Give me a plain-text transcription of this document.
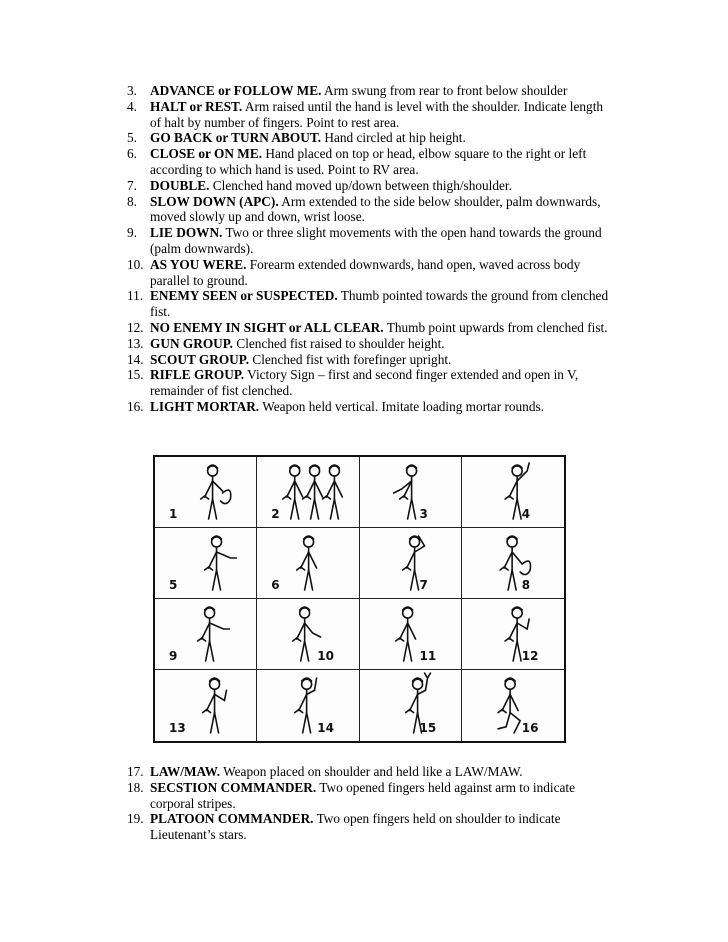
3. ADVANCE or FOLLOW ME. Arm swung from rear to front below shoulder
4. HALT or REST. Arm raised until the hand is level with the shoulder. Indicate length of halt by number of fingers. Point to rest area.
5. GO BACK or TURN ABOUT. Hand circled at hip height.
6. CLOSE or ON ME. Hand placed on top or head, elbow square to the right or left according to which hand is used. Point to RV area.
7. DOUBLE. Clenched hand moved up/down between thigh/shoulder.
8. SLOW DOWN (APC). Arm extended to the side below shoulder, palm downwards, moved slowly up and down, wrist loose.
9. LIE DOWN. Two or three slight movements with the open hand towards the ground (palm downwards).
10. AS YOU WERE. Forearm extended downwards, hand open, waved across body parallel to ground.
11. ENEMY SEEN or SUSPECTED. Thumb pointed towards the ground from clenched fist.
12. NO ENEMY IN SIGHT or ALL CLEAR. Thumb point upwards from clenched fist.
13. GUN GROUP. Clenched fist raised to shoulder height.
14. SCOUT GROUP. Clenched fist with forefinger upright.
15. RIFLE GROUP. Victory Sign – first and second finger extended and open in V, remainder of fist clenched.
16. LIGHT MORTAR. Weapon held vertical. Imitate loading mortar rounds.
1	2	3	4
5	6	7	8
9	10	11	12
13	14	15	16
17. LAW/MAW. Weapon placed on shoulder and held like a LAW/MAW.
18. SECSTION COMMANDER. Two opened fingers held against arm to indicate corporal stripes.
19. PLATOON COMMANDER. Two open fingers held on shoulder to indicate Lieutenant’s stars.
